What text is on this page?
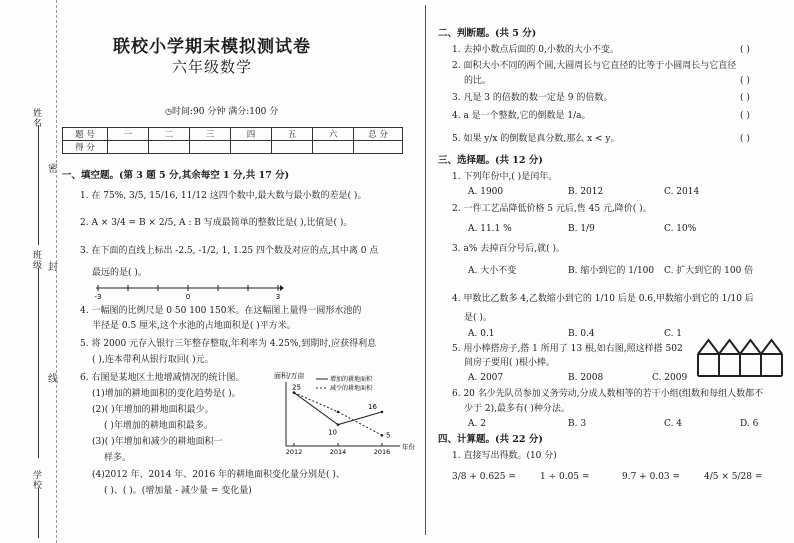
姓名
班级
学校
密
封
线
联校小学期末模拟测试卷
六年级数学
◷时间:90 分钟 满分:100 分
题 号	一	二	三	四	五	六	总 分
得 分							
一、填空题。(第 3 题 5 分,其余每空 1 分,共 17 分)
1. 在 75%, 3/5, 15/16, 11/12 这四个数中,最大数与最小数的差是( )。
2. A × 3/4 = B × 2/5, A : B 写成最简单的整数比是( ),比值是( )。
3. 在下面的直线上标出 -2.5, -1/2, 1, 1.25 四个数及对应的点,其中离 0 点
最远的是( )。
-3	0	3
4. 一幅图的比例尺是 0 50 100 150米。在这幅图上量得一圆形水池的
半径是 0.5 厘米,这个水池的占地面积是( )平方米。
5. 将 2000 元存入银行三年整存整取,年利率为 4.25%,到期时,应获得利息
( ),连本带利从银行取回( )元。
6. 右图是某地区土地增减情况的统计图。
(1)增加的耕地面积的变化趋势是( )。
(2)( )年增加的耕地面积最少。
( )年增加的耕地面积最多。
(3)( )年增加和减少的耕地面积一
样多。
(4)2012 年、2014 年、2016 年的耕地面积变化量分别是( )、
( )、( )。(增加量 - 减少量 = 变化量)
面积/万亩
年份
增加的耕地面积
减少的耕地面积
2012	2014	2016
25
16
10	5
二、判断题。(共 5 分)
1. 去掉小数点后面的 0,小数的大小不变。	( )
2. 面积大小不同的两个圆,大圆周长与它直径的比等于小圆周长与它直径
的比。	( )
3. 凡是 3 的倍数的数一定是 9 的倍数。	( )
4. a 是一个整数,它的倒数是 1/a。	( )
5. 如果 y/x 的倒数是真分数,那么 x < y。	( )
三、选择题。(共 12 分)
1. 下列年份中,( )是闰年。
A. 1900	B. 2012	C. 2014
2. 一件工艺品降低价格 5 元后,售 45 元,降价( )。
A. 11.1 %	B. 1/9	C. 10%
3. a% 去掉百分号后,就( )。
A. 大小不变	B. 缩小到它的 1/100 C. 扩大到它的 100 倍
4. 甲数比乙数多 4,乙数缩小到它的 1/10 后是 0.6,甲数缩小到它的 1/10 后
是( )。
A. 0.1	B. 0.4	C. 1
5. 用小棒搭房子,搭 1 所用了 13 根,如右图,照这样搭 502
间房子要用( )根小棒。
A. 2007	B. 2008	C. 2009
6. 20 名少先队员参加义务劳动,分成人数相等的若干小组(组数和每组人数都不
少于 2),最多有( )种分法。
A. 2	B. 3	C. 4	D. 6
四、计算题。(共 22 分)
1. 直接写出得数。(10 分)
3/8 + 0.625 =	1 ÷ 0.05 =	9.7 + 0.03 =	4/5 × 5/28 =
